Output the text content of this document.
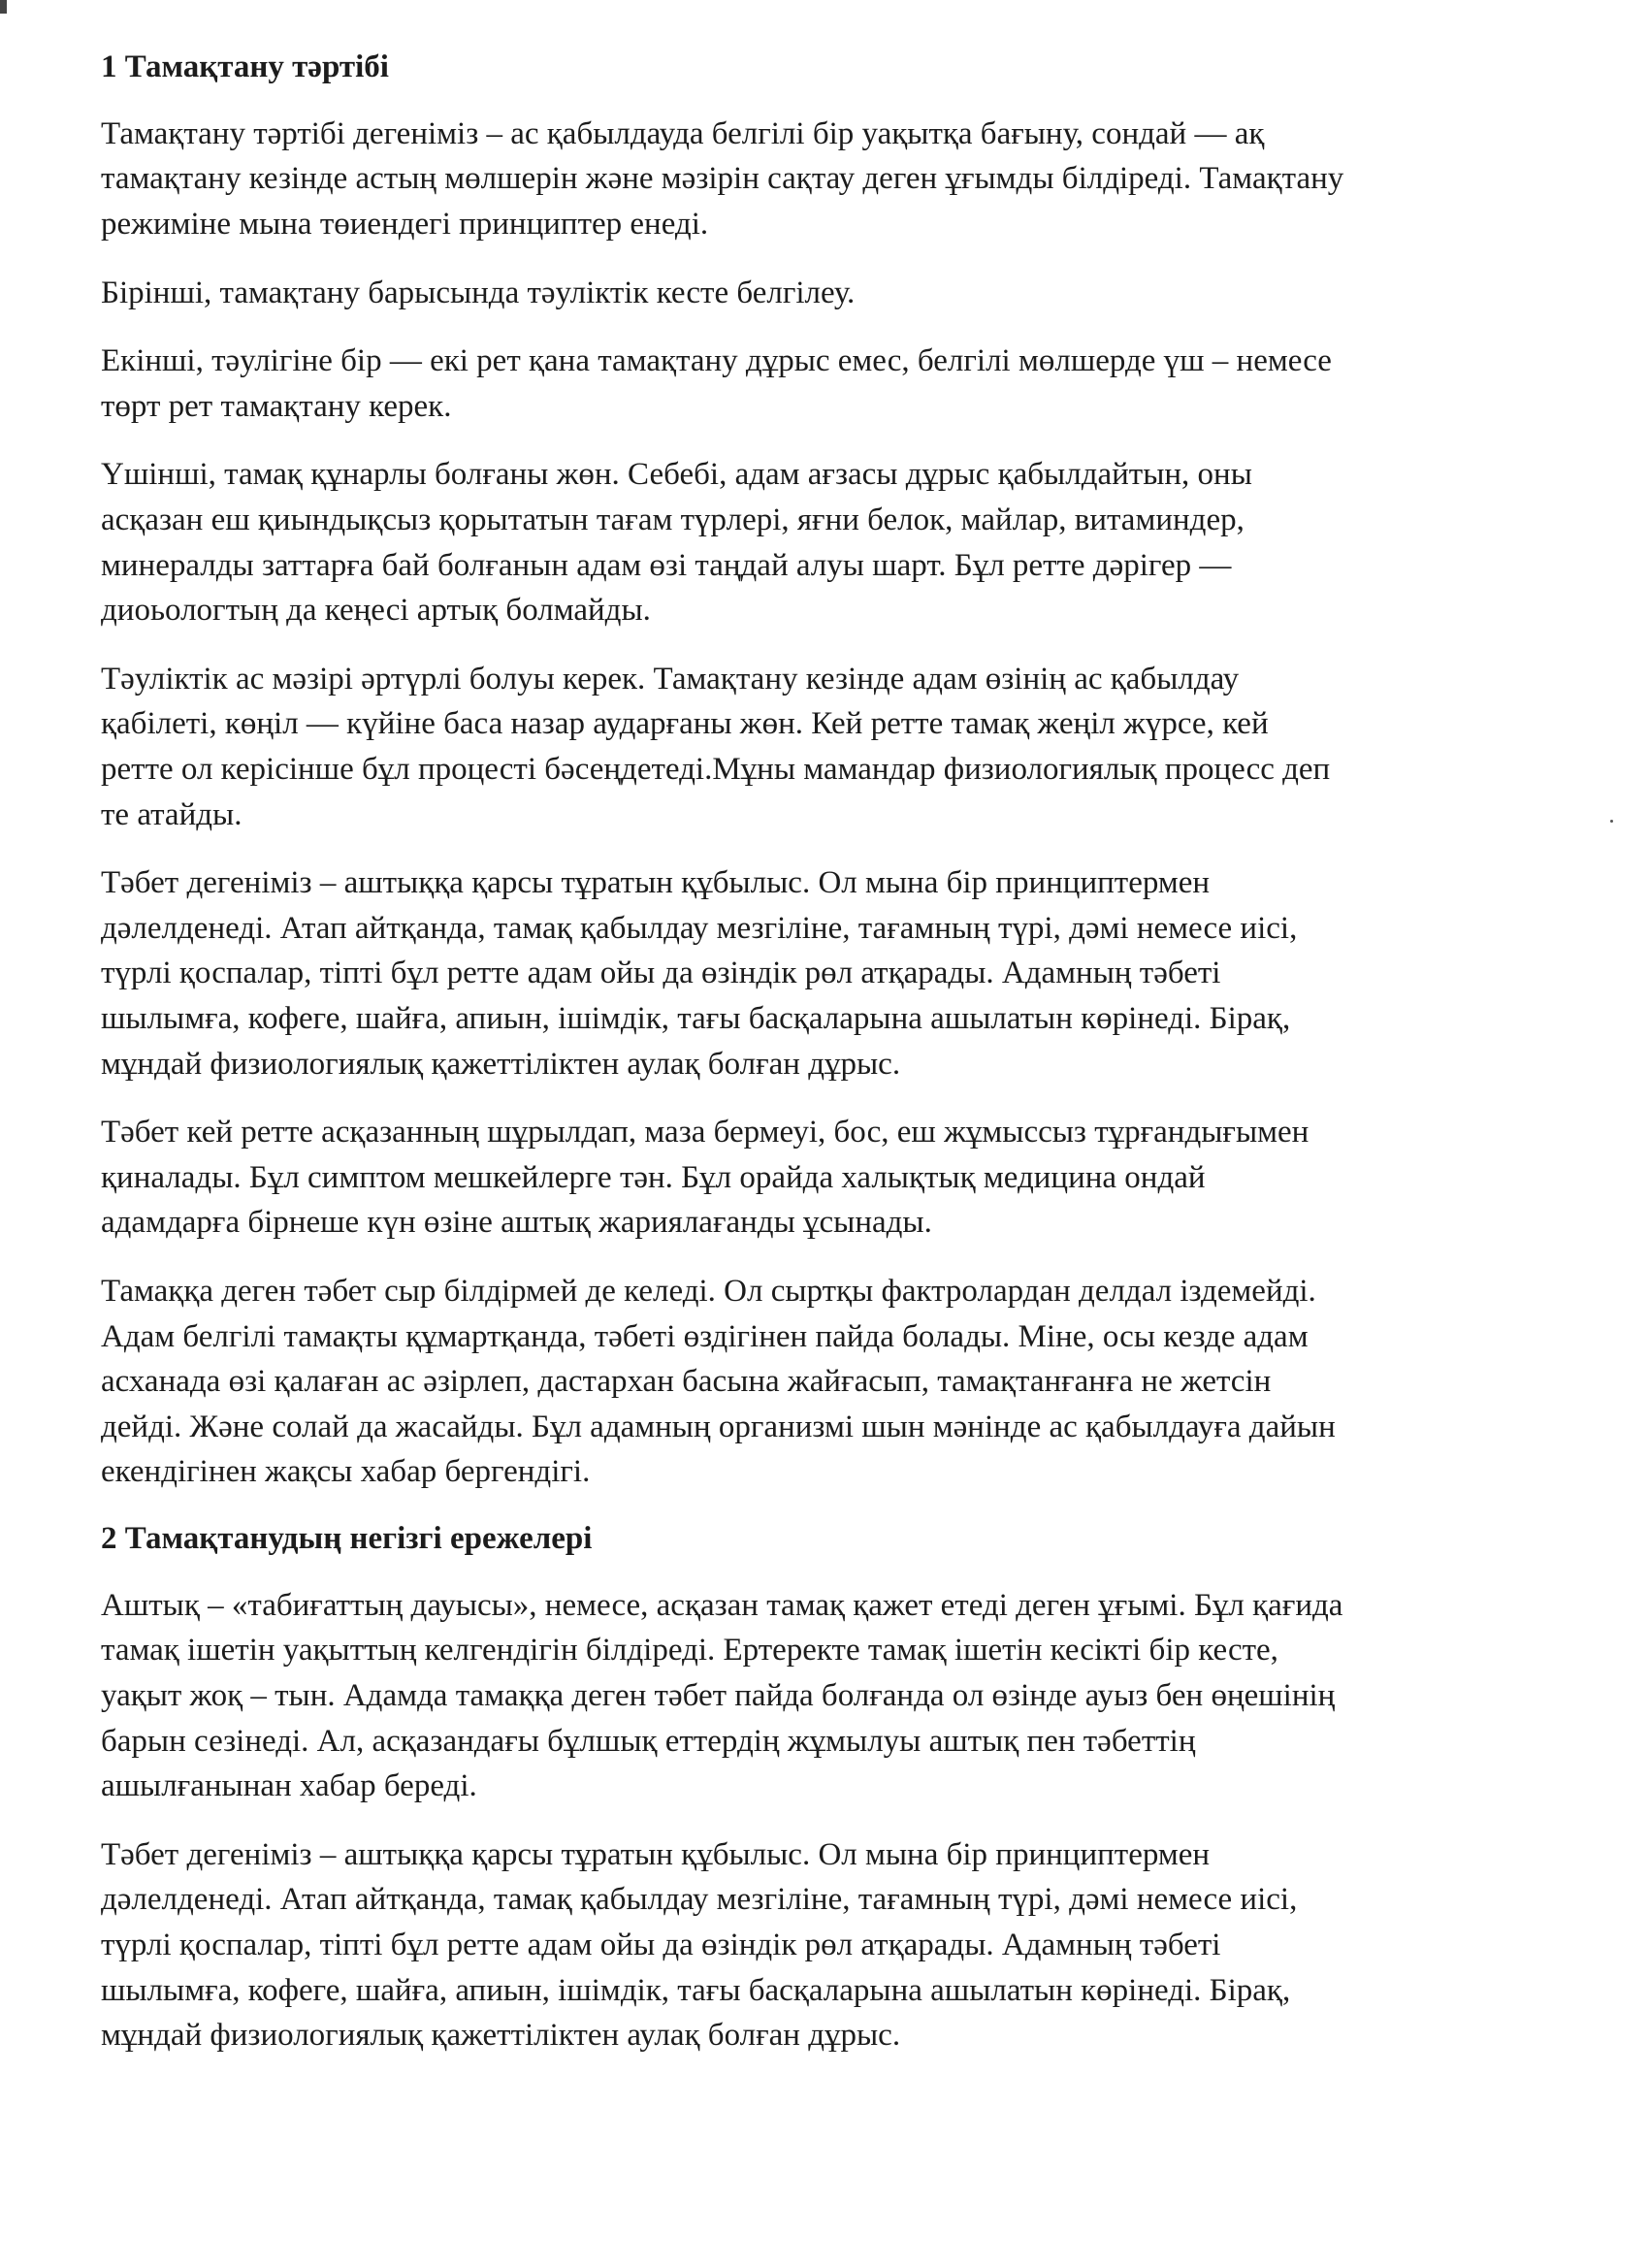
1 Тамақтану тәртібі

Тамақтану тәртібі дегеніміз – ас қабылдауда белгілі бір уақытқа бағыну, сондай — ақ
тамақтану кезінде астың мөлшерін және мәзірін сақтау деген ұғымды білдіреді. Тамақтану
режиміне мына төиендегі принциптер енеді.

Бірінші, тамақтану барысында тәуліктік кесте белгілеу.

Екінші, тәулігіне бір — екі рет қана тамақтану дұрыс емес, белгілі мөлшерде үш – немесе
төрт рет тамақтану керек.

Үшінші, тамақ құнарлы болғаны жөн. Себебі, адам ағзасы дұрыс қабылдайтын, оны
асқазан еш қиындықсыз қорытатын тағам түрлері, яғни белок, майлар, витаминдер,
минералды заттарға бай болғанын адам өзі таңдай алуы шарт. Бұл ретте дәрігер —
диоьологтың да кеңесі артық болмайды.

Тәуліктік ас мәзірі әртүрлі болуы керек. Тамақтану кезінде адам өзінің ас қабылдау
қабілеті, көңіл — күйіне баса назар аударғаны жөн. Кей ретте тамақ жеңіл жүрсе, кей
ретте ол керісінше бұл процесті бәсеңдетеді.Мұны мамандар физиологиялық процесс деп
те атайды.

Тәбет дегеніміз – аштыққа қарсы тұратын құбылыс. Ол мына бір принциптермен
дәлелденеді. Атап айтқанда, тамақ қабылдау мезгіліне, тағамның түрі, дәмі немесе иісі,
түрлі қоспалар, тіпті бұл ретте адам ойы да өзіндік рөл атқарады. Адамның тәбеті
шылымға, кофеге, шайға, апиын, ішімдік, тағы басқаларына ашылатын көрінеді. Бірақ,
мұндай физиологиялық қажеттіліктен аулақ болған дұрыс.

Тәбет кей ретте асқазанның шұрылдап, маза бермеуі, бос, еш жұмыссыз тұрғандығымен
қиналады. Бұл симптом мешкейлерге тән. Бұл орайда халықтық медицина ондай
адамдарға бірнеше күн өзіне аштық жариялағанды ұсынады.

Тамаққа деген тәбет сыр білдірмей де келеді. Ол сыртқы фактролардан делдал іздемейді.
Адам белгілі тамақты құмартқанда, тәбеті өздігінен пайда болады. Міне, осы кезде адам
асханада өзі қалаған ас әзірлеп, дастархан басына жайғасып, тамақтанғанға не жетсін
дейді. Және солай да жасайды. Бұл адамның организмі шын мәнінде ас қабылдауға дайын
екендігінен жақсы хабар бергендігі.

2 Тамақтанудың негізгі ережелері

Аштық – «табиғаттың дауысы», немесе, асқазан тамақ қажет етеді деген ұғымі. Бұл қағида
тамақ ішетін уақыттың келгендігін білдіреді. Ертеректе тамақ ішетін кесікті бір кесте,
уақыт жоқ – тын. Адамда тамаққа деген тәбет пайда болғанда ол өзінде ауыз бен өңешінің
барын сезінеді. Ал, асқазандағы бұлшық еттердің жұмылуы аштық пен тәбеттің
ашылғанынан хабар береді.

Тәбет дегеніміз – аштыққа қарсы тұратын құбылыс. Ол мына бір принциптермен
дәлелденеді. Атап айтқанда, тамақ қабылдау мезгіліне, тағамның түрі, дәмі немесе иісі,
түрлі қоспалар, тіпті бұл ретте адам ойы да өзіндік рөл атқарады. Адамның тәбеті
шылымға, кофеге, шайға, апиын, ішімдік, тағы басқаларына ашылатын көрінеді. Бірақ,
мұндай физиологиялық қажеттіліктен аулақ болған дұрыс.
